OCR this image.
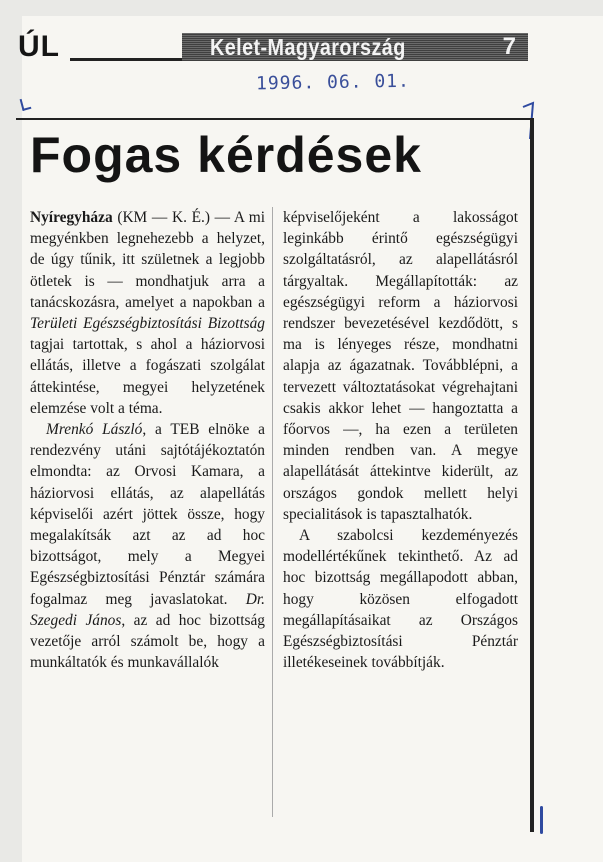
ÚL	Kelet-Magyarország	7
1996. 06. 01.
Fogas kérdések

Nyíregyháza (KM — K. É.) — A mi megyénkben legnehezebb a helyzet, de úgy tűnik, itt születnek a legjobb ötletek is — mondhatjuk arra a tanácskozásra, amelyet a napokban a Területi Egészségbiztosítási Bizottság tagjai tartottak, s ahol a háziorvosi ellátás, illetve a fogászati szolgálat áttekintése, megyei helyzetének elemzése volt a téma.

Mrenkó László, a TEB elnöke a rendezvény utáni sajtótájékoztatón elmondta: az Orvosi Kamara, a háziorvosi ellátás, az alapellátás képviselői azért jöttek össze, hogy megalakítsák azt az ad hoc bizottságot, mely a Megyei Egészségbiztosítási Pénztár számára fogalmaz meg javaslatokat. Dr. Szegedi János, az ad hoc bizottság vezetője arról számolt be, hogy a munkáltatók és munkavállalók

képviselőjeként a lakosságot leginkább érintő egészségügyi szolgáltatásról, az alapellátásról tárgyaltak. Megállapították: az egészségügyi reform a háziorvosi rendszer bevezetésével kezdődött, s ma is lényeges része, mondhatni alapja az ágazatnak. Továbblépni, a tervezett változtatásokat végrehajtani csakis akkor lehet — hangoztatta a főorvos —, ha ezen a területen minden rendben van. A megye alapellátását áttekintve kiderült, az országos gondok mellett helyi specialitások is tapasztalhatók.

A szabolcsi kezdeményezés modellértékűnek tekinthető. Az ad hoc bizottság megállapodott abban, hogy közösen elfogadott megállapításaikat az Országos Egészségbiztosítási Pénztár illetékeseinek továbbítják.
